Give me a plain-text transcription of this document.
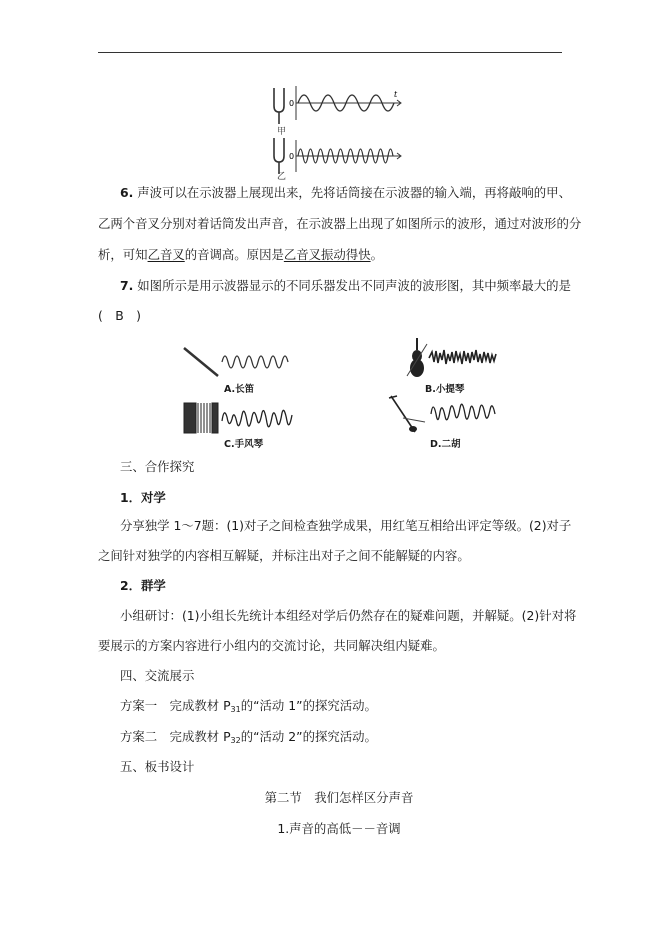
甲
乙
0
t
0
6. 声波可以在示波器上展现出来，先将话筒接在示波器的输入端，再将敲响的甲、
乙两个音叉分别对着话筒发出声音，在示波器上出现了如图所示的波形，通过对波形的分
析，可知乙音叉的音调高。原因是乙音叉振动得快。
7. 如图所示是用示波器显示的不同乐器发出不同声波的波形图，其中频率最大的是
(　B　)
A.长笛	B.小提琴
C.手风琴	D.二胡
三、合作探究
1．对学
分享独学 1～7题：(1)对子之间检查独学成果，用红笔互相给出评定等级。(2)对子
之间针对独学的内容相互解疑，并标注出对子之间不能解疑的内容。
2．群学
小组研讨：(1)小组长先统计本组经对学后仍然存在的疑难问题，并解疑。(2)针对将
要展示的方案内容进行小组内的交流讨论，共同解决组内疑难。
四、交流展示
方案一　完成教材 $P_{31}$的“活动 1”的探究活动。
方案二　完成教材 $P_{32}$的“活动 2”的探究活动。
五、板书设计
第二节　我们怎样区分声音
1.声音的高低－－音调
